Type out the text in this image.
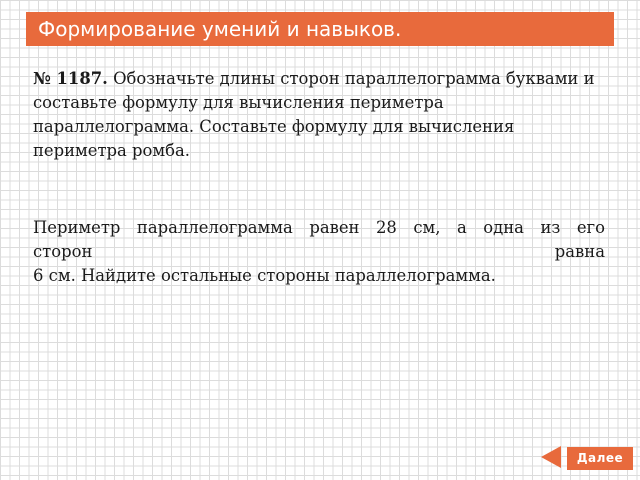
Формирование умений и навыков.
№ 1187. Обозначьте длины сторон параллелограмма буквами и составьте формулу для вычисления периметра параллелограмма. Составьте формулу для вычисления периметра ромба.
Периметр параллелограмма равен 28 см, а одна из его
сторон равна
6 см. Найдите остальные стороны параллелограмма.
Далее
